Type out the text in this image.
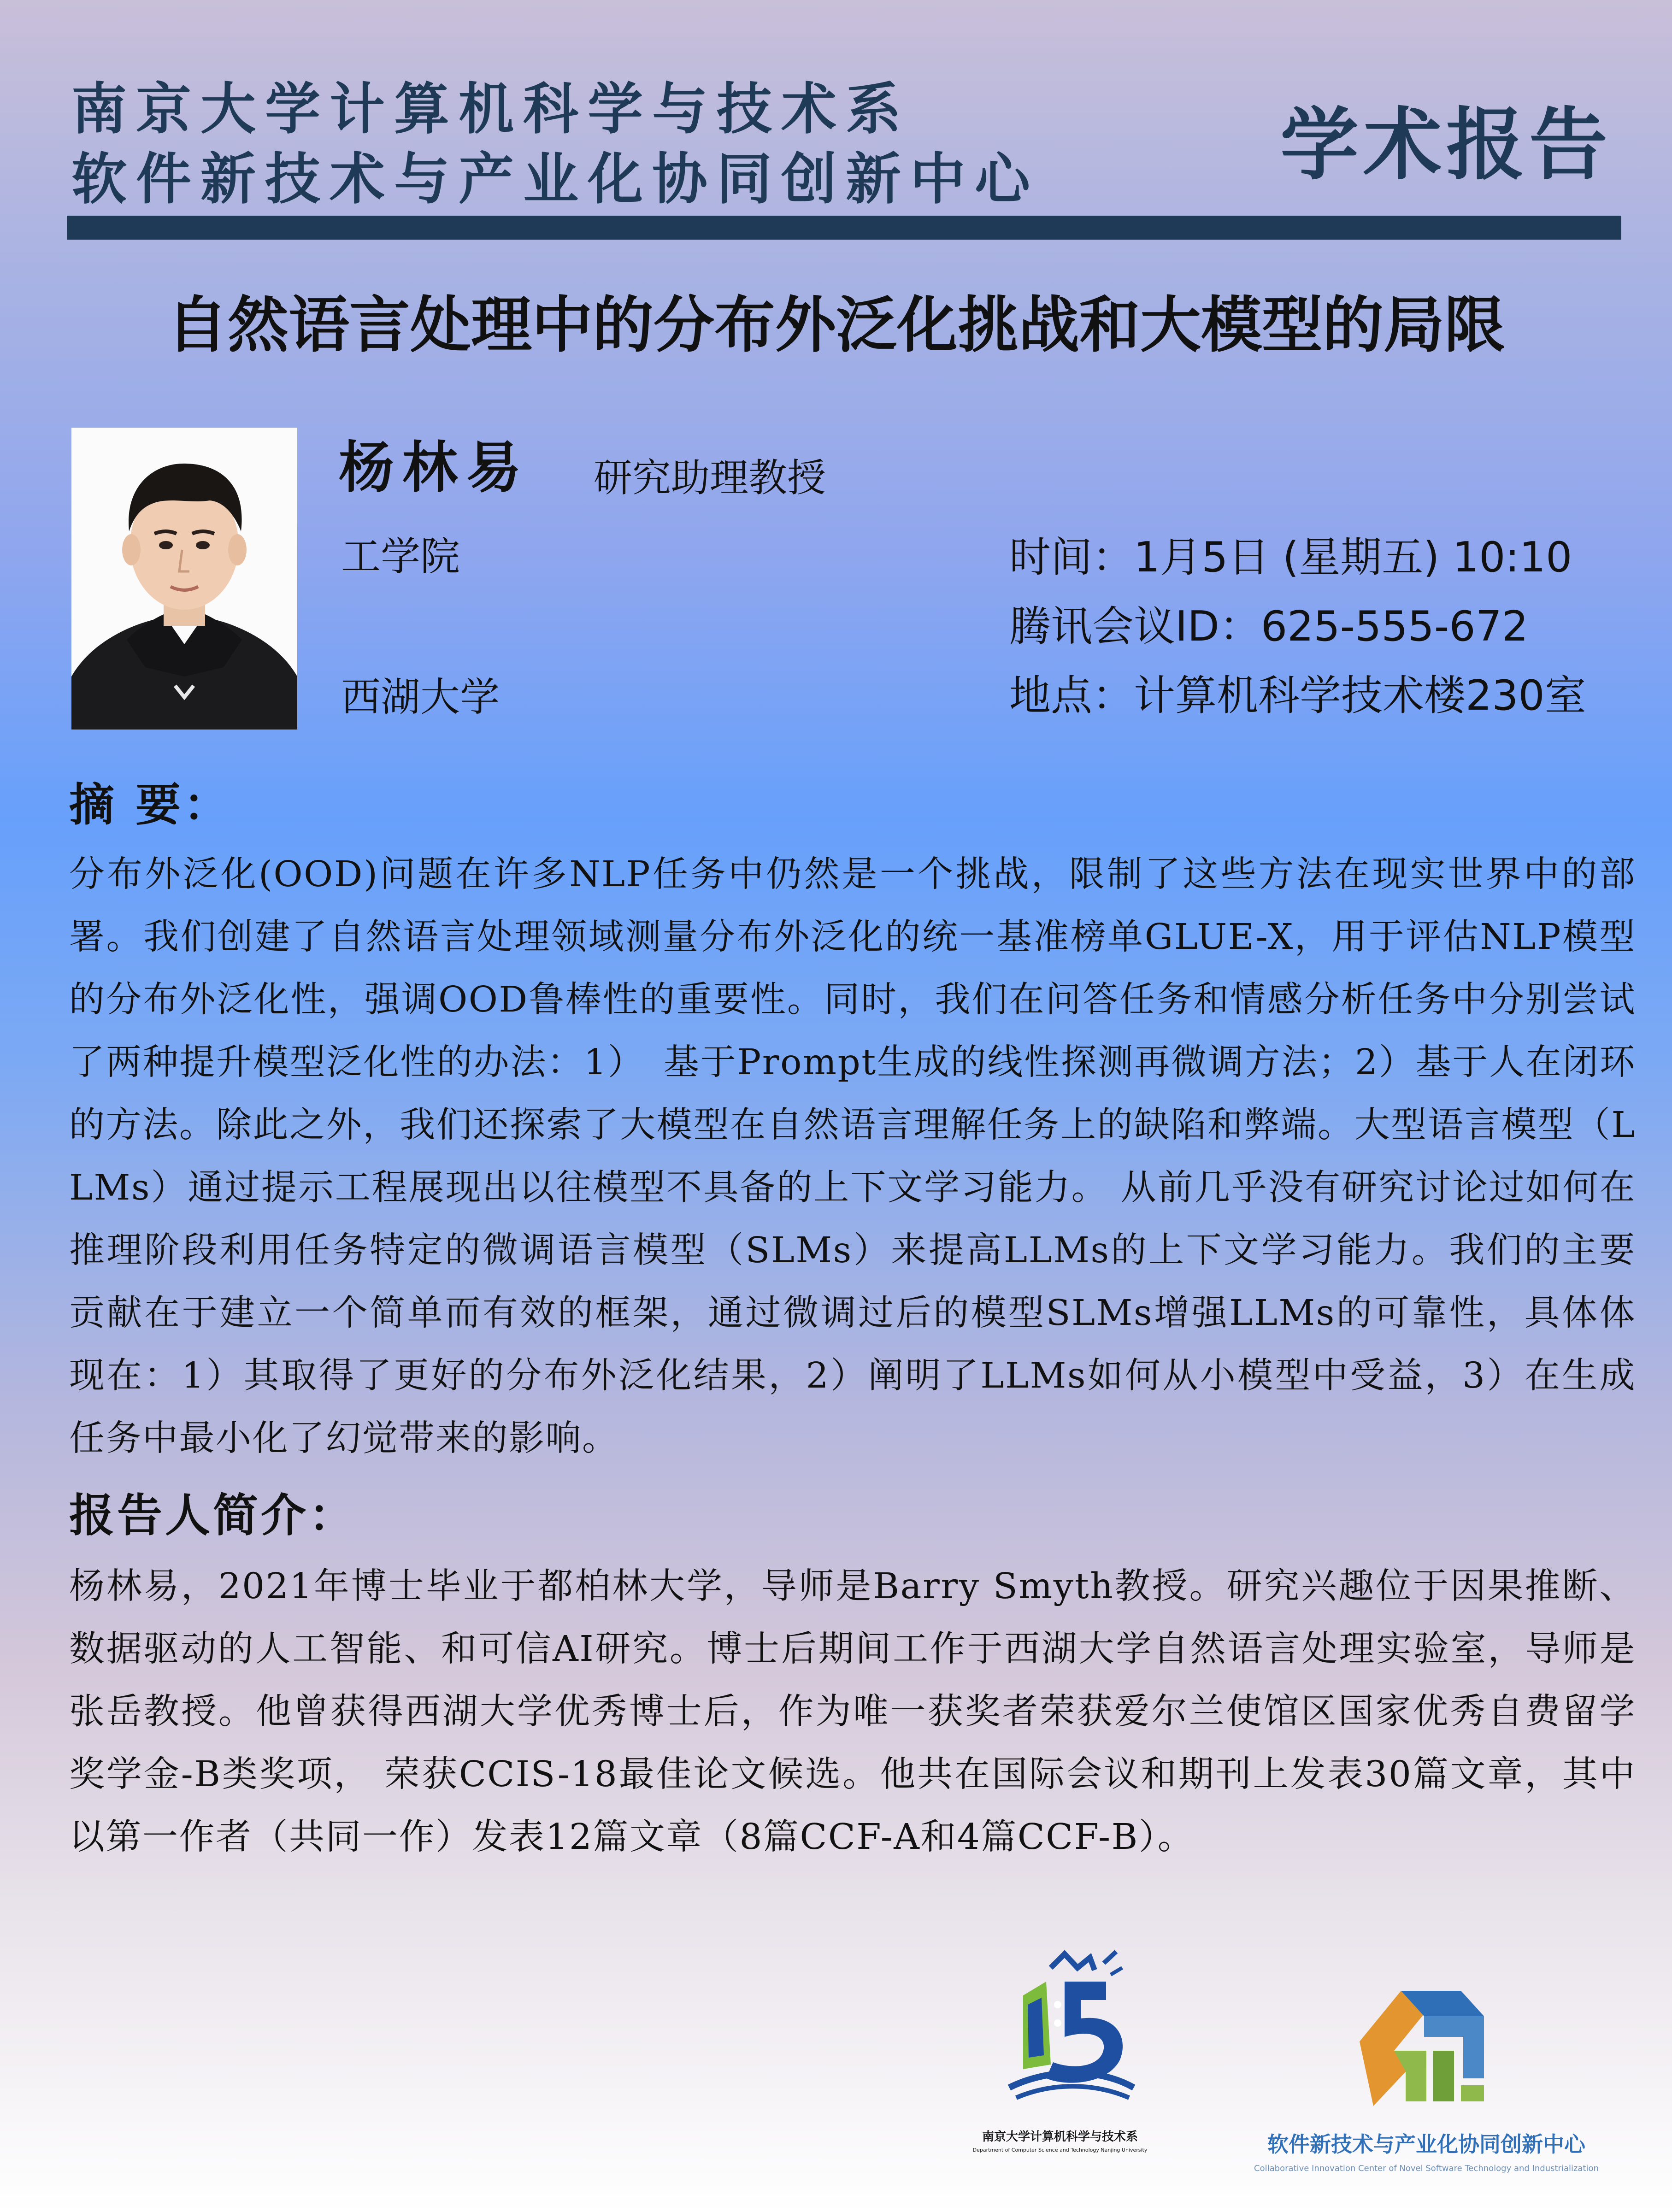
南京大学计算机科学与技术系
软件新技术与产业化协同创新中心	学术报告
自然语言处理中的分布外泛化挑战和大模型的局限
杨林易 研究助理教授
工学院
西湖大学
时间：1月5日 (星期五) 10:10
腾讯会议ID：625-555-672
地点：计算机科学技术楼230室
摘 要：
分布外泛化(OOD)问题在许多NLP任务中仍然是一个挑战，限制了这些方法在现实世界中的部署。我们创建了自然语言处理领域测量分布外泛化的统一基准榜单GLUE-X，用于评估NLP模型的分布外泛化性，强调OOD鲁棒性的重要性。同时，我们在问答任务和情感分析任务中分别尝试了两种提升模型泛化性的办法：1）　基于Prompt生成的线性探测再微调方法；2）基于人在闭环的方法。除此之外，我们还探索了大模型在自然语言理解任务上的缺陷和弊端。大型语言模型（LLMs）通过提示工程展现出以往模型不具备的上下文学习能力。 从前几乎没有研究讨论过如何在推理阶段利用任务特定的微调语言模型（SLMs）来提高LLMs的上下文学习能力。我们的主要贡献在于建立一个简单而有效的框架，通过微调过后的模型SLMs增强LLMs的可靠性，具体体现在：1）其取得了更好的分布外泛化结果，2）阐明了LLMs如何从小模型中受益，3）在生成任务中最小化了幻觉带来的影响。
报告人简介：
杨林易，2021年博士毕业于都柏林大学，导师是Barry Smyth教授。研究兴趣位于因果推断、数据驱动的人工智能、和可信AI研究。博士后期间工作于西湖大学自然语言处理实验室，导师是张岳教授。他曾获得西湖大学优秀博士后，作为唯一获奖者荣获爱尔兰使馆区国家优秀自费留学奖学金-B类奖项， 荣获CCIS-18最佳论文候选。他共在国际会议和期刊上发表30篇文章，其中以第一作者（共同一作）发表12篇文章（8篇CCF-A和4篇CCF-B）。
南京大学计算机科学与技术系
Department of Computer Science and Technology Nanjing University	软件新技术与产业化协同创新中心
Collaborative Innovation Center of Novel Software Technology and Industrialization
